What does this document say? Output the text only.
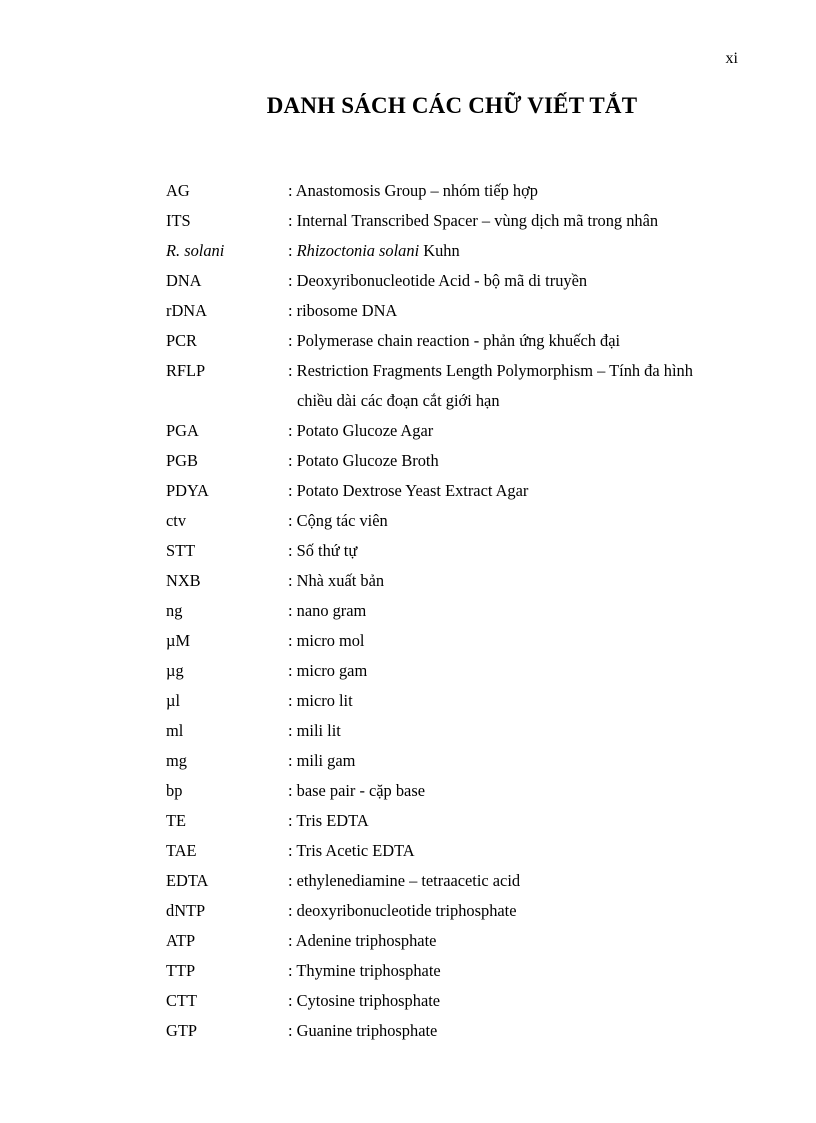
xi
DANH SÁCH CÁC CHỮ VIẾT TẮT
AG	: Anastomosis Group – nhóm tiếp hợp
ITS	: Internal Transcribed Spacer – vùng dịch mã trong nhân
R. solani	: Rhizoctonia solani Kuhn
DNA	: Deoxyribonucleotide Acid - bộ mã di truyền
rDNA	: ribosome DNA
PCR	: Polymerase chain reaction - phản ứng khuếch đại
RFLP	: Restriction Fragments Length Polymorphism – Tính đa hình
chiều dài các đoạn cắt giới hạn
PGA	: Potato Glucoze Agar
PGB	: Potato Glucoze Broth
PDYA	: Potato Dextrose Yeast Extract Agar
ctv	: Cộng tác viên
STT	: Số thứ tự
NXB	: Nhà xuất bản
ng	: nano gram
µM	: micro mol
µg	: micro gam
µl	: micro lit
ml	: mili lit
mg	: mili gam
bp	: base pair - cặp base
TE	: Tris EDTA
TAE	: Tris Acetic EDTA
EDTA	: ethylenediamine – tetraacetic acid
dNTP	: deoxyribonucleotide triphosphate
ATP	: Adenine triphosphate
TTP	: Thymine triphosphate
CTT	: Cytosine triphosphate
GTP	: Guanine triphosphate
